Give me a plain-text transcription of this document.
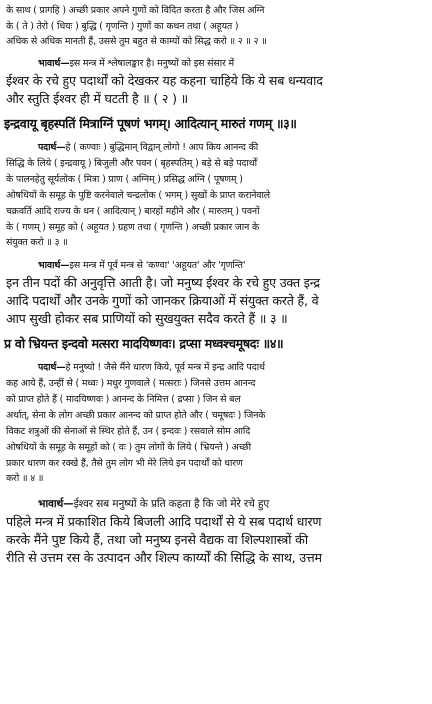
के साथ ( प्रागहि ) अच्छी प्रकार अपने गुणों को विदित करता है और जिस अग्नि
के ( ते ) तेरो ( धियः ) बुद्धि ( गृणन्ति ) गुणों का कथन तथा ( अहूयत )
अधिक से अधिक मानती हैं, उससे तुम बहुत से काम्यों को सिद्ध करो ॥ २ ॥ २ ॥
भावार्थ—इस मन्त्र में श्लेषालङ्कार है। मनुष्यों को इस संसार में
ईश्वर के रचे हुए पदार्थों को देखकर यह कहना चाहिये कि ये सब धन्यवाद
और स्तुति ईश्वर ही में घटती है ॥ ( २ ) ॥
इन्द्रवायू बृहस्पतिं मित्राग्निं पूषणं भगम्। आदित्यान् मारुतं गणम् ॥३॥
पदार्थ—हे ( कण्वाः ) बुद्धिमान् विद्वान् लोगो ! आप किय आनन्द की
सिद्धि के लिये ( इन्द्रवायू ) बिजुली और पवन ( बृहस्पतिम् ) बड़े से बड़े पदार्थों
के पालनहेतु सूर्यलोक ( मित्रा ) प्राण ( अग्निम् ) प्रसिद्ध अग्नि ( पूषणम् )
ओषधियों के समूह के पुष्टि करनेवाले चन्द्रलोक ( भगम् ) सुखों के प्राप्त करानेवाले
चक्रवर्ति आदि राज्य के धन ( आदित्यान् ) बारहों महीने और ( मारुतम् ) पवनों
के ( गणम् ) समूह को ( अहूयत ) ग्रहण तथा ( गृणन्ति ) अच्छी प्रकार जान के
संयुक्त करो ॥ ३ ॥
भावार्थ—इस मन्त्र में पूर्व मन्त्र से 'कण्वा' 'अहूयत' और 'गृणन्ति'
इन तीन पदों की अनुवृत्ति आती है। जो मनुष्य ईश्वर के रचे हुए उक्त इन्द्र
आदि पदार्थों और उनके गुणों को जानकर क्रियाओं में संयुक्त करते हैं, वे
आप सुखी होकर सब प्राणियों को सुखयुक्त सदैव करते हैं ॥ ३ ॥
प्र वो भ्रियन्त इन्दवो मत्सरा मादयिष्णवः। द्रप्सा मध्वश्चमूषदः ॥४॥
पदार्थ—हे मनुष्यो ! जैसे मैंने धारण किये, पूर्व मन्त्र में इन्द्र आदि पदार्थ
कह आये हैं, उन्हीं से ( मध्वः ) मधुर गुणवाले ( मत्सराः ) जिनसे उत्तम आनन्द
को प्राप्त होते हैं ( मादयिष्णवः ) आनन्द के निमित्त ( द्रप्सा ) जिन से बल
अर्थात्, सेना के लोग अच्छी प्रकार आनन्द को प्राप्त होते और ( चमूषदः ) जिनके
विकट शत्रुओं की सेनाओं से स्थिर होते हैं, उन ( इन्दवः ) रसवाले सोम आदि
ओषधियों के समूह के समूहों को ( वः ) तुम लोगों के लिये ( भ्रियन्ते ) अच्छी
प्रकार धारण कर रक्खे हैं, तैसे तुम लोग भी मेरे लिये इन पदार्थों को धारण
करो ॥ ४ ॥
भावार्थ—ईश्वर सब मनुष्यों के प्रति कहता है कि जो मेरे रचे हुए
पहिले मन्त्र में प्रकाशित किये बिजली आदि पदार्थों से ये सब पदार्थ धारण
करके मैंने पुष्ट किये हैं, तथा जो मनुष्य इनसे वैद्यक वा शिल्पशास्त्रों की
रीति से उत्तम रस के उत्पादन और शिल्प कार्य्यों की सिद्धि के साथ, उत्तम
